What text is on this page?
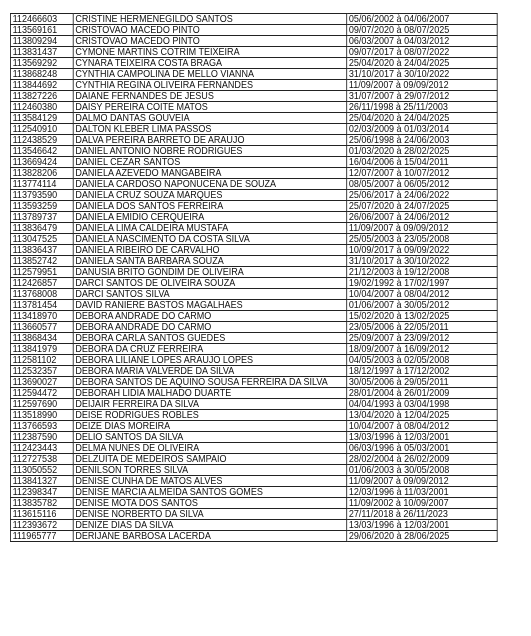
112466603	CRISTINE HERMENEGILDO SANTOS	05/06/2002 à 04/06/2007
113569161	CRISTOVAO MACEDO PINTO	09/07/2020 à 08/07/2025
113809294	CRISTOVAO MACEDO PINTO	06/03/2007 à 04/03/2012
113831437	CYMONE MARTINS COTRIM TEIXEIRA	09/07/2017 à 08/07/2022
113569292	CYNARA TEIXEIRA COSTA BRAGA	25/04/2020 à 24/04/2025
113868248	CYNTHIA CAMPOLINA DE MELLO VIANNA	31/10/2017 à 30/10/2022
113844692	CYNTHIA REGINA OLIVEIRA FERNANDES	11/09/2007 à 09/09/2012
113827226	DAIANE FERNANDES DE JESUS	31/07/2007 à 29/07/2012
112460380	DAISY PEREIRA COITE MATOS	26/11/1998 à 25/11/2003
113584129	DALMO DANTAS GOUVEIA	25/04/2020 à 24/04/2025
112540910	DALTON KLEBER LIMA PASSOS	02/03/2009 à 01/03/2014
112438529	DALVA PEREIRA BARRETO DE ARAUJO	25/06/1998 à 24/06/2003
113546642	DANIEL ANTONIO NOBRE RODRIGUES	01/03/2020 à 28/02/2025
113669424	DANIEL CEZAR SANTOS	16/04/2006 à 15/04/2011
113828206	DANIELA AZEVEDO MANGABEIRA	12/07/2007 à 10/07/2012
113774114	DANIELA CARDOSO NAPONUCENA DE SOUZA	08/05/2007 à 06/05/2012
113793590	DANIELA CRUZ SOUZA MARQUES	25/06/2017 à 24/06/2022
113593259	DANIELA DOS SANTOS FERREIRA	25/07/2020 à 24/07/2025
113789737	DANIELA EMIDIO CERQUEIRA	26/06/2007 à 24/06/2012
113836479	DANIELA LIMA CALDEIRA MUSTAFA	11/09/2007 à 09/09/2012
113047525	DANIELA NASCIMENTO DA COSTA SILVA	25/05/2003 à 23/05/2008
113836437	DANIELA RIBEIRO DE CARVALHO	10/09/2017 à 09/09/2022
113852742	DANIELA SANTA BARBARA SOUZA	31/10/2017 à 30/10/2022
112579951	DANUSIA BRITO GONDIM DE OLIVEIRA	21/12/2003 à 19/12/2008
112426857	DARCI SANTOS DE OLIVEIRA SOUZA	19/02/1992 à 17/02/1997
113768008	DARCI SANTOS SILVA	10/04/2007 à 08/04/2012
113781454	DAVID RANIERE BASTOS MAGALHAES	01/06/2007 à 30/05/2012
113418970	DEBORA ANDRADE DO CARMO	15/02/2020 à 13/02/2025
113660577	DEBORA ANDRADE DO CARMO	23/05/2006 à 22/05/2011
113868434	DEBORA CARLA SANTOS GUEDES	25/09/2007 à 23/09/2012
113841979	DEBORA DA CRUZ FERREIRA	18/09/2007 à 16/09/2012
112581102	DEBORA LILIANE LOPES ARAUJO LOPES	04/05/2003 à 02/05/2008
112532357	DEBORA MARIA VALVERDE DA SILVA	18/12/1997 à 17/12/2002
113690027	DEBORA SANTOS DE AQUINO SOUSA FERREIRA DA SILVA	30/05/2006 à 29/05/2011
112594472	DEBORAH LIDIA MALHADO DUARTE	28/01/2004 à 26/01/2009
112597690	DEIJAIR FERREIRA DA SILVA	04/04/1993 à 03/04/1998
113518990	DEISE RODRIGUES ROBLES	13/04/2020 à 12/04/2025
113766593	DEIZE DIAS MOREIRA	10/04/2007 à 08/04/2012
112387590	DELIO SANTOS DA SILVA	13/03/1996 à 12/03/2001
112423443	DELMA NUNES DE OLIVEIRA	06/03/1996 à 05/03/2001
112727538	DELZUITA DE MEDEIROS SAMPAIO	28/02/2004 à 26/02/2009
113050552	DENILSON TORRES SILVA	01/06/2003 à 30/05/2008
113841327	DENISE CUNHA DE MATOS ALVES	11/09/2007 à 09/09/2012
112398347	DENISE MARCIA ALMEIDA SANTOS GOMES	12/03/1996 à 11/03/2001
113835782	DENISE MOTA DOS SANTOS	11/09/2002 à 10/09/2007
113615116	DENISE NORBERTO DA SILVA	27/11/2018 à 26/11/2023
112393672	DENIZE DIAS DA SILVA	13/03/1996 à 12/03/2001
111965777	DERIJANE BARBOSA LACERDA	29/06/2020 à 28/06/2025
